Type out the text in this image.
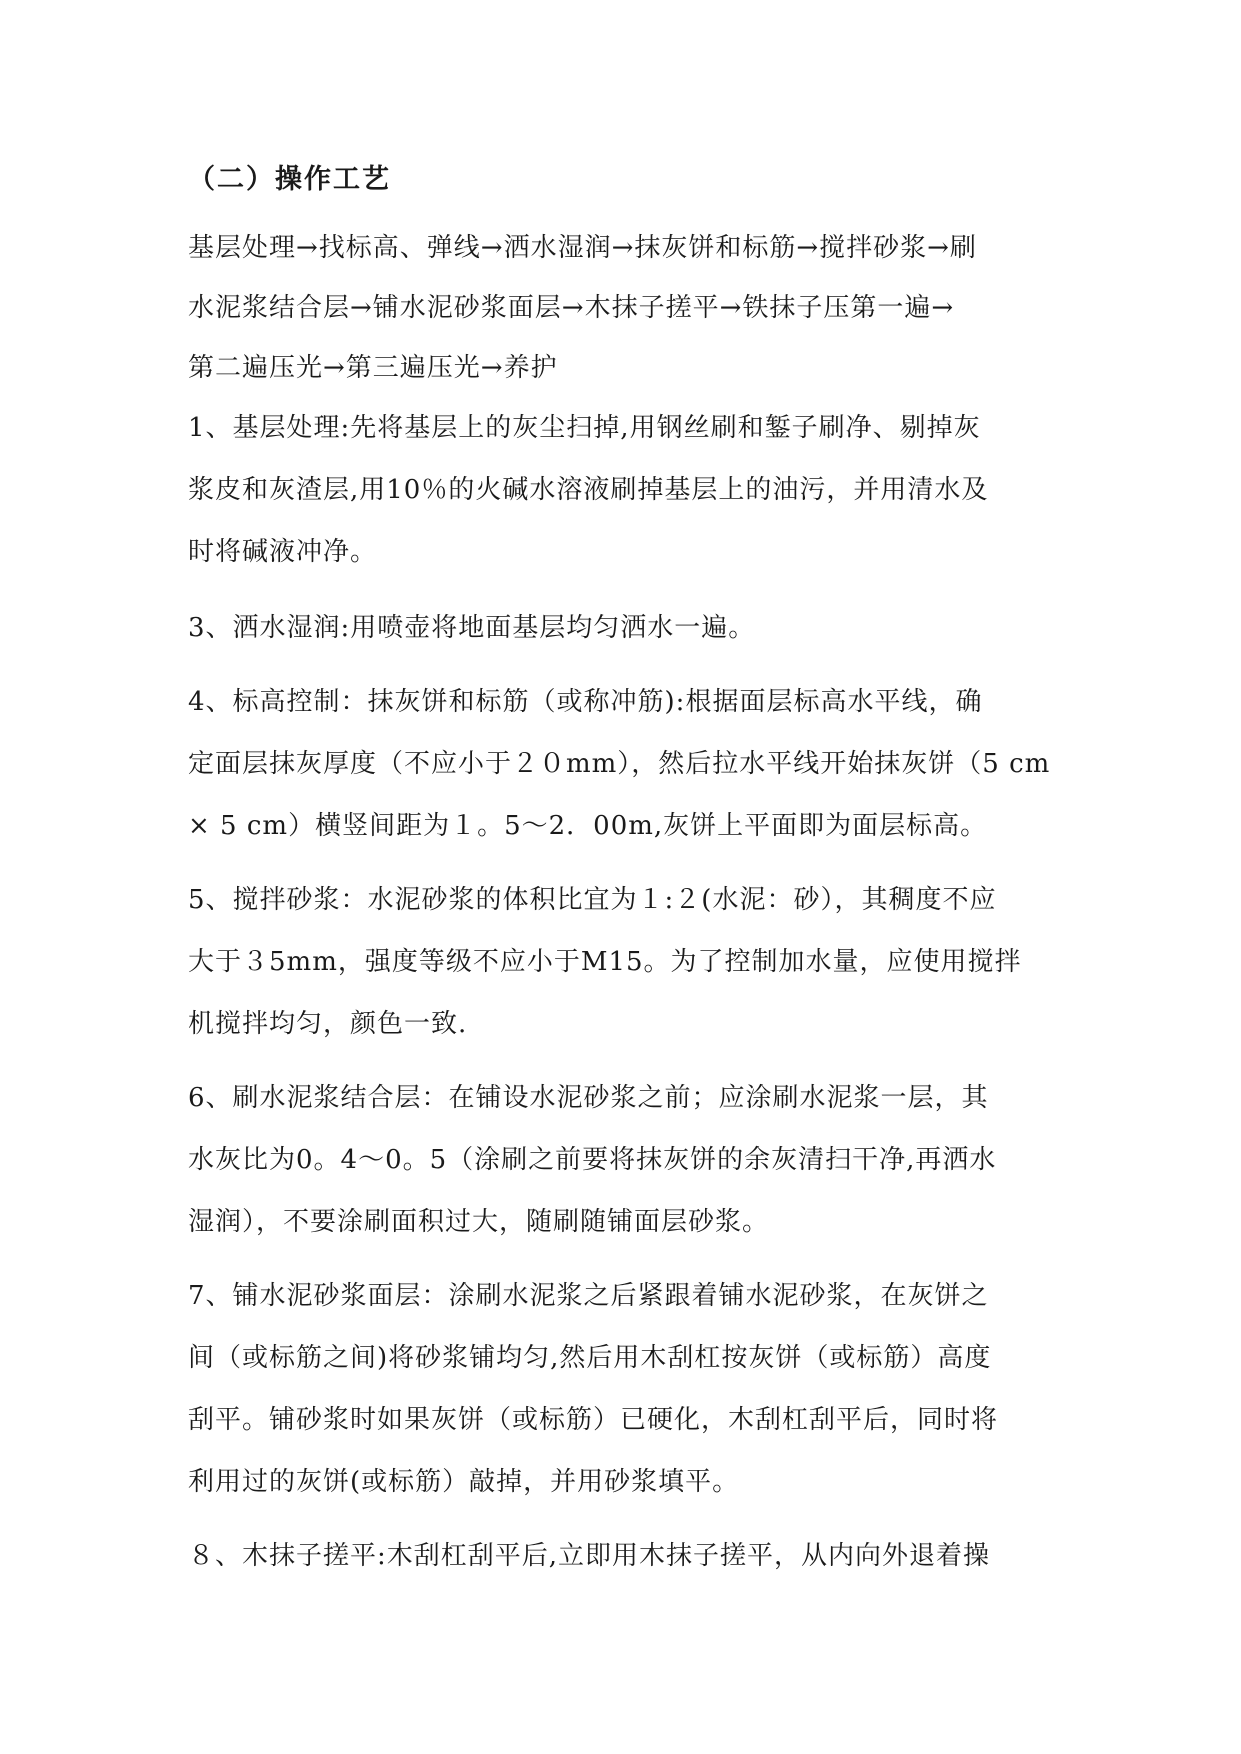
（二）操作工艺
基层处理→找标高、弹线→洒水湿润→抹灰饼和标筋→搅拌砂浆→刷
水泥浆结合层→铺水泥砂浆面层→木抹子搓平→铁抹子压第一遍→
第二遍压光→第三遍压光→养护
1、基层处理:先将基层上的灰尘扫掉,用钢丝刷和錾子刷净、剔掉灰
浆皮和灰渣层,用10％的火碱水溶液刷掉基层上的油污，并用清水及
时将碱液冲净。
3、洒水湿润:用喷壶将地面基层均匀洒水一遍。
4、标高控制：抹灰饼和标筋（或称冲筋):根据面层标高水平线，确
定面层抹灰厚度（不应小于２０mm），然后拉水平线开始抹灰饼（5 cm
× 5 cm）横竖间距为１。5～2．00m,灰饼上平面即为面层标高。
5、搅拌砂浆：水泥砂浆的体积比宜为１:２(水泥：砂），其稠度不应
大于３5mm，强度等级不应小于M15。为了控制加水量，应使用搅拌
机搅拌均匀，颜色一致.
6、刷水泥浆结合层：在铺设水泥砂浆之前；应涂刷水泥浆一层，其
水灰比为0。4～0。5（涂刷之前要将抹灰饼的余灰清扫干净,再洒水
湿润），不要涂刷面积过大，随刷随铺面层砂浆。
7、铺水泥砂浆面层：涂刷水泥浆之后紧跟着铺水泥砂浆，在灰饼之
间（或标筋之间)将砂浆铺均匀,然后用木刮杠按灰饼（或标筋）高度
刮平。铺砂浆时如果灰饼（或标筋）已硬化，木刮杠刮平后，同时将
利用过的灰饼(或标筋）敲掉，并用砂浆填平。
８、木抹子搓平:木刮杠刮平后,立即用木抹子搓平，从内向外退着操
